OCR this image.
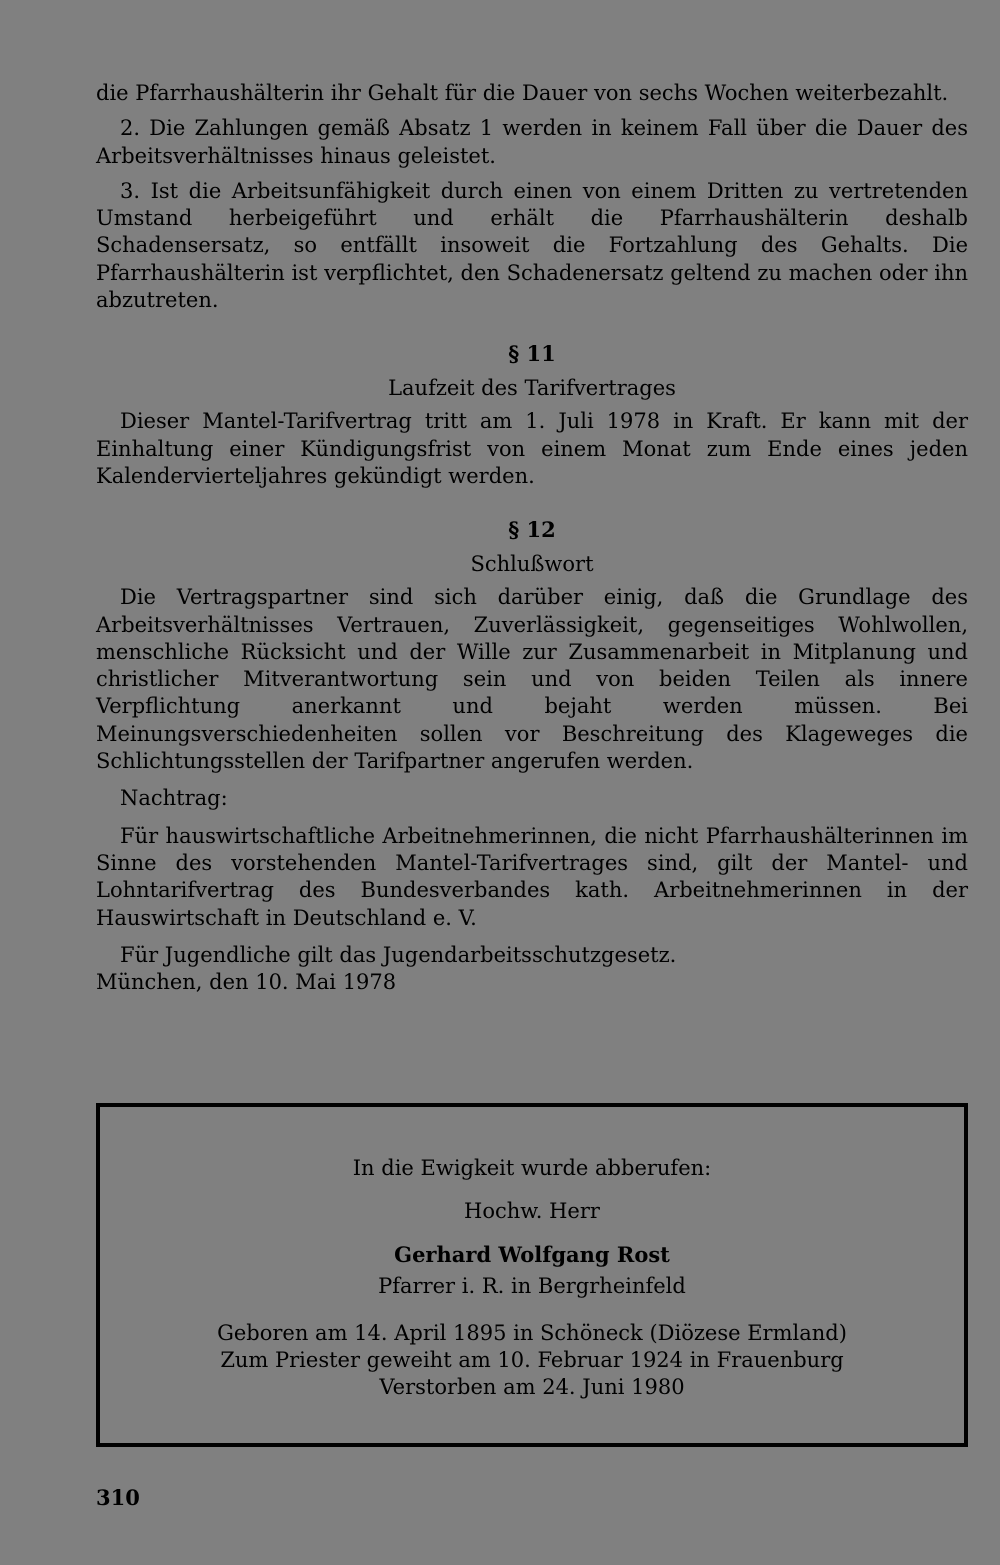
die Pfarrhaushälterin ihr Gehalt für die Dauer von sechs Wochen weiterbezahlt.

2. Die Zahlungen gemäß Absatz 1 werden in keinem Fall über die Dauer des Arbeitsverhältnisses hinaus geleistet.

3. Ist die Arbeitsunfähigkeit durch einen von einem Dritten zu vertretenden Umstand herbeigeführt und erhält die Pfarrhaushälterin deshalb Schadensersatz, so entfällt insoweit die Fortzahlung des Gehalts. Die Pfarrhaushälterin ist verpflichtet, den Schadenersatz geltend zu machen oder ihn abzutreten.

§ 11

Laufzeit des Tarifvertrages

Dieser Mantel-Tarifvertrag tritt am 1. Juli 1978 in Kraft. Er kann mit der Einhaltung einer Kündigungsfrist von einem Monat zum Ende eines jeden Kalendervierteljahres gekündigt werden.

§ 12

Schlußwort

Die Vertragspartner sind sich darüber einig, daß die Grundlage des Arbeitsverhältnisses Vertrauen, Zuverlässigkeit, gegenseitiges Wohlwollen, menschliche Rücksicht und der Wille zur Zusammenarbeit in Mitplanung und christlicher Mitverantwortung sein und von beiden Teilen als innere Verpflichtung anerkannt und bejaht werden müssen. Bei Meinungsverschiedenheiten sollen vor Beschreitung des Klageweges die Schlichtungsstellen der Tarifpartner angerufen werden.

Nachtrag:

Für hauswirtschaftliche Arbeitnehmerinnen, die nicht Pfarrhaushälterinnen im Sinne des vorstehenden Mantel-Tarifvertrages sind, gilt der Mantel- und Lohntarifvertrag des Bundesverbandes kath. Arbeitnehmerinnen in der Hauswirtschaft in Deutschland e. V.

Für Jugendliche gilt das Jugendarbeitsschutzgesetz.

München, den 10. Mai 1978

In die Ewigkeit wurde abberufen:

Hochw. Herr

Gerhard Wolfgang Rost

Pfarrer i. R. in Bergrheinfeld

Geboren am 14. April 1895 in Schöneck (Diözese Ermland)

Zum Priester geweiht am 10. Februar 1924 in Frauenburg

Verstorben am 24. Juni 1980

310
